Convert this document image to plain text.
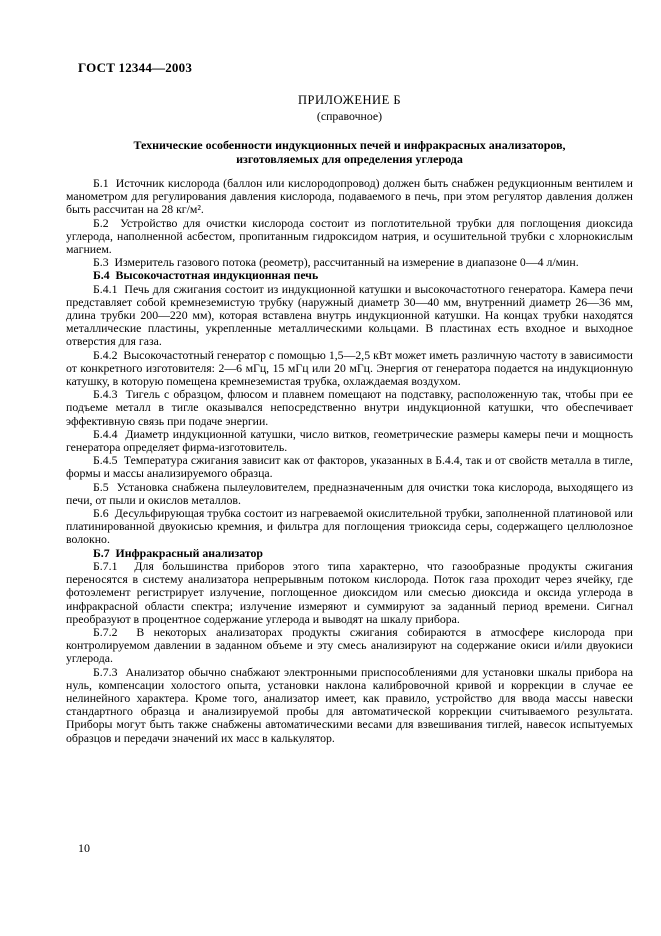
ГОСТ 12344—2003
ПРИЛОЖЕНИЕ Б
(справочное)
Технические особенности индукционных печей и инфракрасных анализаторов,
изготовляемых для определения углерода

Б.1  Источник кислорода (баллон или кислородопровод) должен быть снабжен редукционным вентилем и манометром для регулирования давления кислорода, подаваемого в печь, при этом регулятор давления должен быть рассчитан на 28 кг/м².

Б.2  Устройство для очистки кислорода состоит из поглотительной трубки для поглощения диоксида углерода, наполненной асбестом, пропитанным гидроксидом натрия, и осушительной трубки с хлорнокислым магнием.

Б.3  Измеритель газового потока (реометр), рассчитанный на измерение в диапазоне 0—4 л/мин.

Б.4  Высокочастотная индукционная печь

Б.4.1  Печь для сжигания состоит из индукционной катушки и высокочастотного генератора. Камера печи представляет собой кремнеземистую трубку (наружный диаметр 30—40 мм, внутренний диаметр 26—36 мм, длина трубки 200—220 мм), которая вставлена внутрь индукционной катушки. На концах трубки находятся металлические пластины, укрепленные металлическими кольцами. В пластинах есть входное и выходное отверстия для газа.

Б.4.2  Высокочастотный генератор с помощью 1,5—2,5 кВт может иметь различную частоту в зависимости от конкретного изготовителя: 2—6 мГц, 15 мГц или 20 мГц. Энергия от генератора подается на индукционную катушку, в которую помещена кремнеземистая трубка, охлаждаемая воздухом.

Б.4.3  Тигель с образцом, флюсом и плавнем помещают на подставку, расположенную так, чтобы при ее подъеме металл в тигле оказывался непосредственно внутри индукционной катушки, что обеспечивает эффективную связь при подаче энергии.

Б.4.4  Диаметр индукционной катушки, число витков, геометрические размеры камеры печи и мощность генератора определяет фирма-изготовитель.

Б.4.5  Температура сжигания зависит как от факторов, указанных в Б.4.4, так и от свойств металла в тигле, формы и массы анализируемого образца.

Б.5  Установка снабжена пылеуловителем, предназначенным для очистки тока кислорода, выходящего из печи, от пыли и окислов металлов.

Б.6  Десульфирующая трубка состоит из нагреваемой окислительной трубки, заполненной платиновой или платинированной двуокисью кремния, и фильтра для поглощения триоксида серы, содержащего целлюлозное волокно.

Б.7  Инфракрасный анализатор

Б.7.1  Для большинства приборов этого типа характерно, что газообразные продукты сжигания переносятся в систему анализатора непрерывным потоком кислорода. Поток газа проходит через ячейку, где фотоэлемент регистрирует излучение, поглощенное диоксидом или смесью диоксида и оксида углерода в инфракрасной области спектра; излучение измеряют и суммируют за заданный период времени. Сигнал преобразуют в процентное содержание углерода и выводят на шкалу прибора.

Б.7.2  В некоторых анализаторах продукты сжигания собираются в атмосфере кислорода при контролируемом давлении в заданном объеме и эту смесь анализируют на содержание окиси и/или двуокиси углерода.

Б.7.3  Анализатор обычно снабжают электронными приспособлениями для установки шкалы прибора на нуль, компенсации холостого опыта, установки наклона калибровочной кривой и коррекции в случае ее нелинейного характера. Кроме того, анализатор имеет, как правило, устройство для ввода массы навески стандартного образца и анализируемой пробы для автоматической коррекции считываемого результата. Приборы могут быть также снабжены автоматическими весами для взвешивания тиглей, навесок испытуемых образцов и передачи значений их масс в калькулятор.

10
